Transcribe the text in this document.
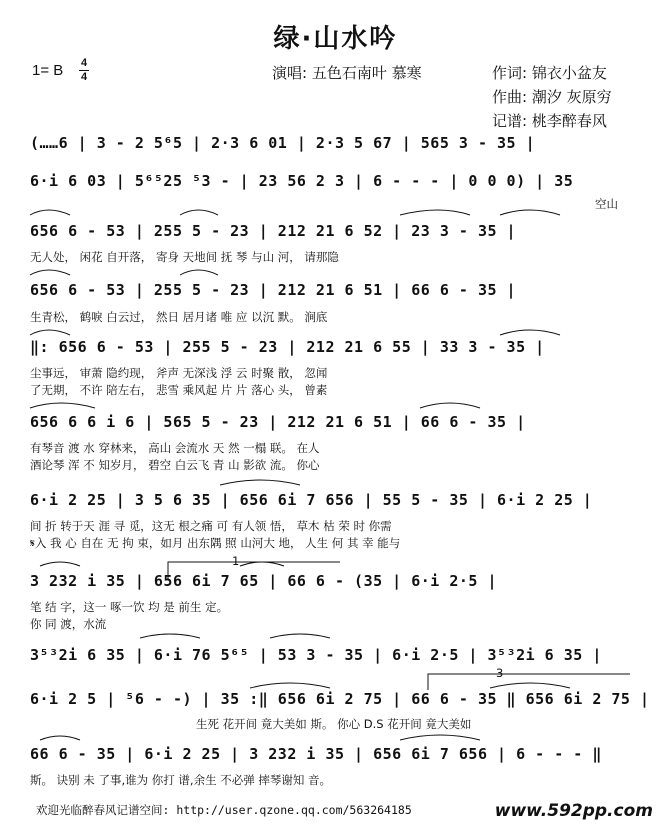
绿·山水吟
1= B 4
4	演唱: 五色石南叶 慕寒	作词: 锦衣小盆友
作曲: 潮汐 灰原穷
记谱: 桃李醉春风
(……6 | 3 - 2 5⁶5 | 2·3 6 01 | 2·3 5 67 | 565 3 - 35 |
6·i 6 03 | 5⁶⁵25 ⁵3 - | 23 56 2 3 | 6 - - - | 0 0 0) | 35
空山
656 6 - 53 | 255 5 - 23 | 212 21 6 52 | 23 3 - 35 |
无人处， 闲花 自开落， 寄身 天地间 抚 琴 与山 河， 请那隐
656 6 - 53 | 255 5 - 23 | 212 21 6 51 | 66 6 - 35 |
生青松， 鹤唳 白云过， 然日 居月诸 唯 应 以沉 默。 涧底
‖: 656 6 - 53 | 255 5 - 23 | 212 21 6 55 | 33 3 - 35 |
尘事远， 审萧 隐约现， 斧声 无深浅 浮 云 时聚 散， 忽闻
了无期， 不许 陪左右， 悲雪 乘风起 片 片 落心 头， 曾素
656 6 6 i 6 | 565 5 - 23 | 212 21 6 51 | 66 6 - 35 |
有琴音 渡 水 穿林来， 高山 会流水 天 然 一榻 联。 在人
酒论琴 浑 不 知岁月， 碧空 白云飞 青 山 影欲 流。 你心
6·i 2 25 | 3 5 6 35 | 656 6i 7 656 | 55 5 - 35 | 6·i 2 25 |
间 折 转于天 涯 寻 觅，这无 根之痛 可 有人领 悟， 草木 枯 荣 时 你需
𝄋入 我 心 自在 无 拘 束，如月 出东隅 照 山河大 地， 人生 何 其 幸 能与
1
3 232 i 35 | 656 6i 7 65 | 66 6 - (35 | 6·i 2·5 |
笔 结 字，这一 啄一饮 均 是 前生 定。
你 同 渡，水流
3⁵³2i 6 35 | 6·i 76 5⁶⁵ | 53 3 - 35 | 6·i 2·5 | 3⁵³2i 6 35 |
3
6·i 2 5 | ⁵6 - -) | 35 :‖ 656 6i 2 75 | 66 6 - 35 ‖ 656 6i 2 75 |
生死 花开间 竟大美如 斯。 你心 D.S 花开间 竟大美如
66 6 - 35 | 6·i 2 25 | 3 232 i 35 | 656 6i 7 656 | 6 - - - ‖
斯。 诀别 未 了事,谁为 你打 谱,余生 不必弹 摔琴谢知 音。
欢迎光临醉春风记谱空间: http://user.qzone.qq.com/563264185	www.592pp.com
